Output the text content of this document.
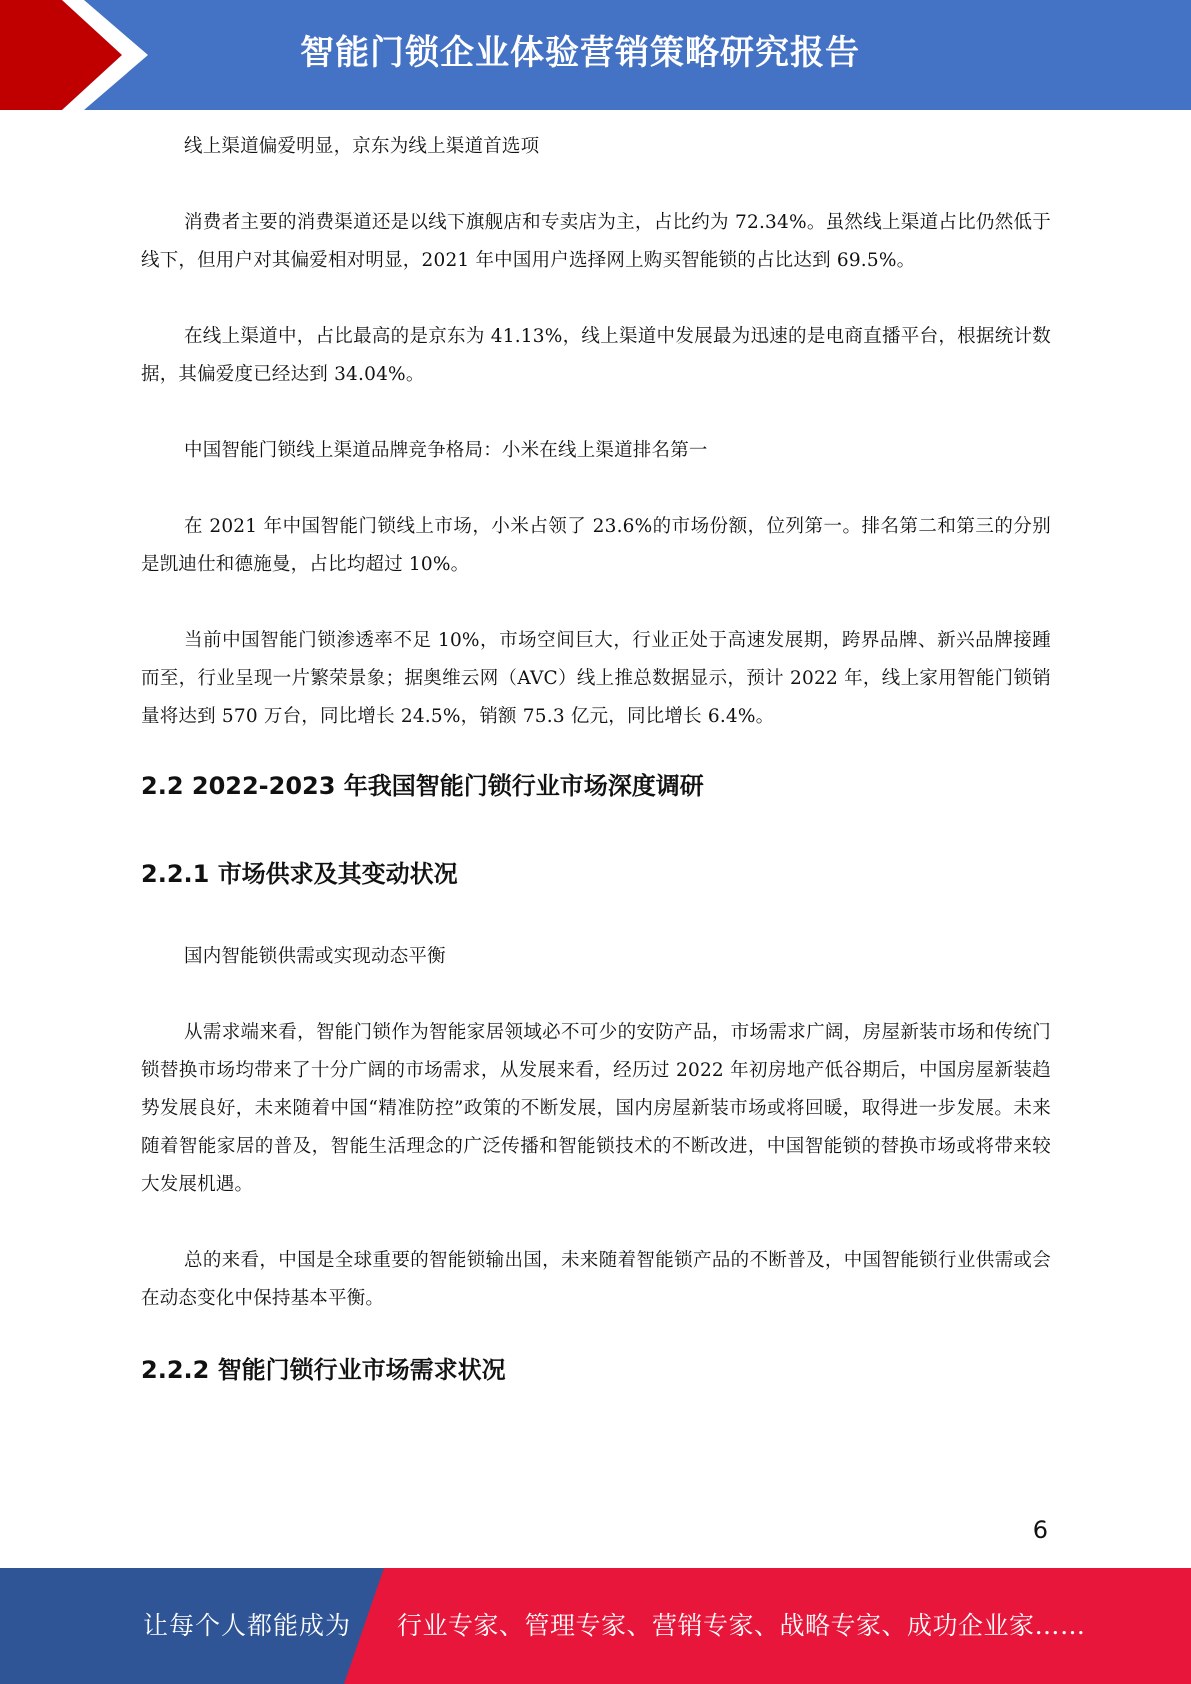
智能门锁企业体验营销策略研究报告

线上渠道偏爱明显，京东为线上渠道首选项

消费者主要的消费渠道还是以线下旗舰店和专卖店为主，占比约为 72.34%。虽然线上渠道占比仍然低于线下，但用户对其偏爱相对明显，2021 年中国用户选择网上购买智能锁的占比达到 69.5%。

在线上渠道中，占比最高的是京东为 41.13%，线上渠道中发展最为迅速的是电商直播平台，根据统计数据，其偏爱度已经达到 34.04%。

中国智能门锁线上渠道品牌竞争格局：小米在线上渠道排名第一

在 2021 年中国智能门锁线上市场，小米占领了 23.6%的市场份额，位列第一。排名第二和第三的分别是凯迪仕和德施曼，占比均超过 10%。

当前中国智能门锁渗透率不足 10%，市场空间巨大，行业正处于高速发展期，跨界品牌、新兴品牌接踵而至，行业呈现一片繁荣景象；据奥维云网（AVC）线上推总数据显示，预计 2022 年，线上家用智能门锁销量将达到 570 万台，同比增长 24.5%，销额 75.3 亿元，同比增长 6.4%。

2.2 2022-2023 年我国智能门锁行业市场深度调研
2.2.1 市场供求及其变动状况

国内智能锁供需或实现动态平衡

从需求端来看，智能门锁作为智能家居领域必不可少的安防产品，市场需求广阔，房屋新装市场和传统门锁替换市场均带来了十分广阔的市场需求，从发展来看，经历过 2022 年初房地产低谷期后，中国房屋新装趋势发展良好，未来随着中国“精准防控”政策的不断发展，国内房屋新装市场或将回暖，取得进一步发展。未来随着智能家居的普及，智能生活理念的广泛传播和智能锁技术的不断改进，中国智能锁的替换市场或将带来较大发展机遇。

总的来看，中国是全球重要的智能锁输出国，未来随着智能锁产品的不断普及，中国智能锁行业供需或会在动态变化中保持基本平衡。

2.2.2 智能门锁行业市场需求状况
6
让每个人都能成为 行业专家、管理专家、营销专家、战略专家、成功企业家……
